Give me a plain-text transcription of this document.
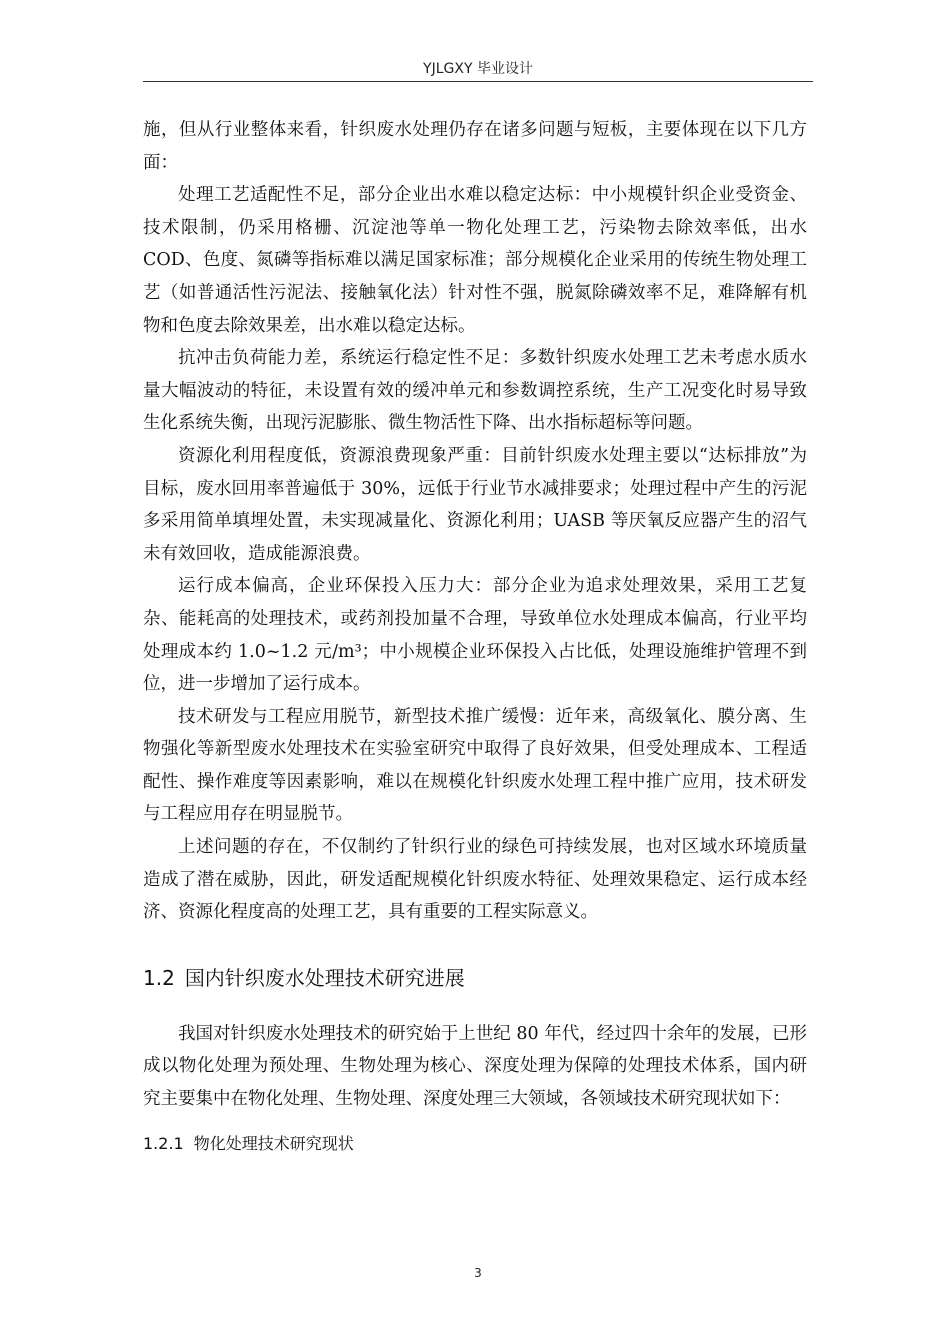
YJLGXY 毕业设计

施，但从行业整体来看，针织废水处理仍存在诸多问题与短板，主要体现在以下几方面：

处理工艺适配性不足，部分企业出水难以稳定达标：中小规模针织企业受资金、技术限制，仍采用格栅、沉淀池等单一物化处理工艺，污染物去除效率低，出水 COD、色度、氮磷等指标难以满足国家标准；部分规模化企业采用的传统生物处理工艺（如普通活性污泥法、接触氧化法）针对性不强，脱氮除磷效率不足，难降解有机物和色度去除效果差，出水难以稳定达标。

抗冲击负荷能力差，系统运行稳定性不足：多数针织废水处理工艺未考虑水质水量大幅波动的特征，未设置有效的缓冲单元和参数调控系统，生产工况变化时易导致生化系统失衡，出现污泥膨胀、微生物活性下降、出水指标超标等问题。

资源化利用程度低，资源浪费现象严重：目前针织废水处理主要以“达标排放”为目标，废水回用率普遍低于 30%，远低于行业节水减排要求；处理过程中产生的污泥多采用简单填埋处置，未实现减量化、资源化利用；UASB 等厌氧反应器产生的沼气未有效回收，造成能源浪费。

运行成本偏高，企业环保投入压力大：部分企业为追求处理效果，采用工艺复杂、能耗高的处理技术，或药剂投加量不合理，导致单位水处理成本偏高，行业平均处理成本约 1.0~1.2 元/m³；中小规模企业环保投入占比低，处理设施维护管理不到位，进一步增加了运行成本。

技术研发与工程应用脱节，新型技术推广缓慢：近年来，高级氧化、膜分离、生物强化等新型废水处理技术在实验室研究中取得了良好效果，但受处理成本、工程适配性、操作难度等因素影响，难以在规模化针织废水处理工程中推广应用，技术研发与工程应用存在明显脱节。

上述问题的存在，不仅制约了针织行业的绿色可持续发展，也对区域水环境质量造成了潜在威胁，因此，研发适配规模化针织废水特征、处理效果稳定、运行成本经济、资源化程度高的处理工艺，具有重要的工程实际意义。

1.2 国内针织废水处理技术研究进展

我国对针织废水处理技术的研究始于上世纪 80 年代，经过四十余年的发展，已形成以物化处理为预处理、生物处理为核心、深度处理为保障的处理技术体系，国内研究主要集中在物化处理、生物处理、深度处理三大领域，各领域技术研究现状如下：

1.2.1 物化处理技术研究现状
3
